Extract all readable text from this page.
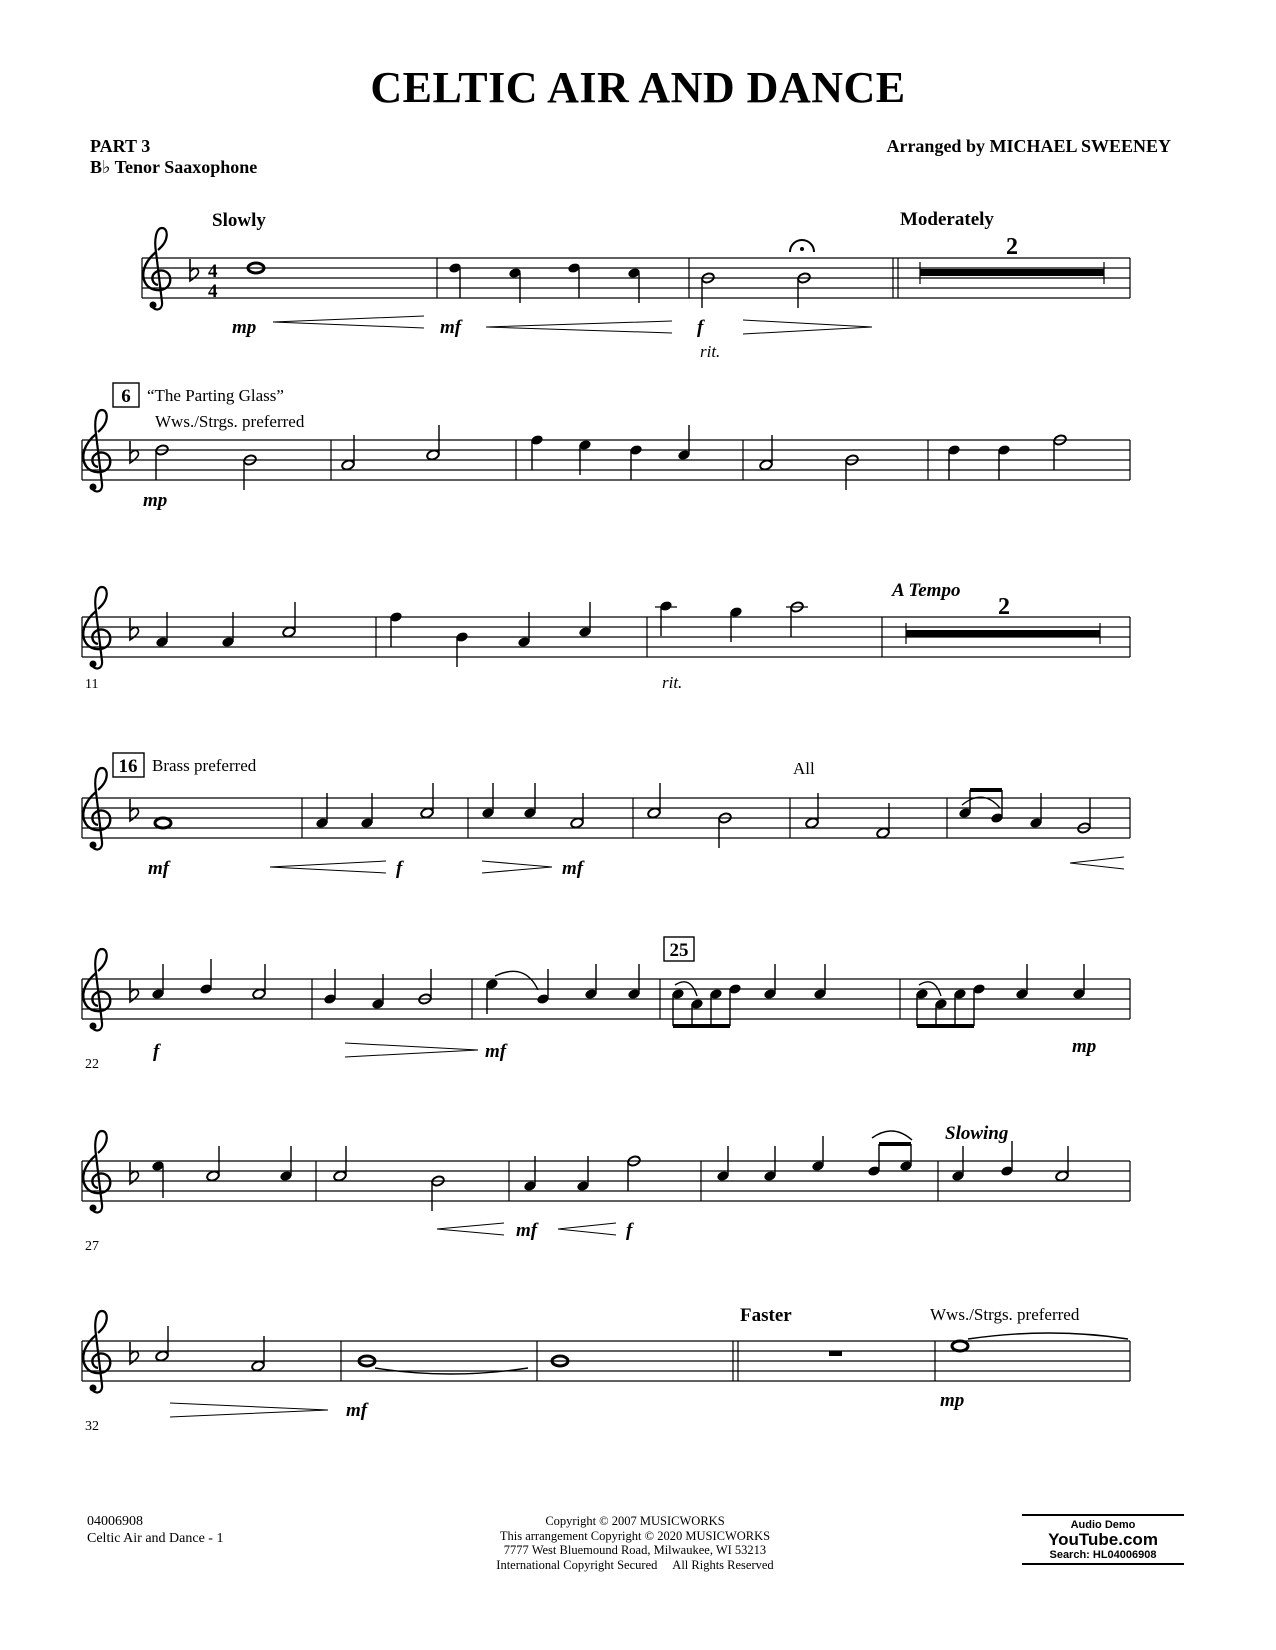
CELTIC AIR AND DANCE
PART 3
B♭ Tenor Saaxophone
Arranged by MICHAEL SWEENEY
4
4
2
Slowly	Moderately
mp	mf	f
rit.
6 “The Parting Glass”
Wws./Strgs. preferred
mp
2
A Tempo
rit.
11
16 Brass preferred	All
mf	f	mf
25
f	mf	mp
22
Slowing
mf	f
27
Faster	Wws./Strgs. preferred
mf	mp
32
04006908
Celtic Air and Dance - 1
Copyright © 2007 MUSICWORKS
This arrangement Copyright © 2020 MUSICWORKS
7777 West Bluemound Road, Milwaukee, WI 53213
International Copyright Secured     All Rights Reserved
Audio Demo
YouTube.com
Search: HL04006908
